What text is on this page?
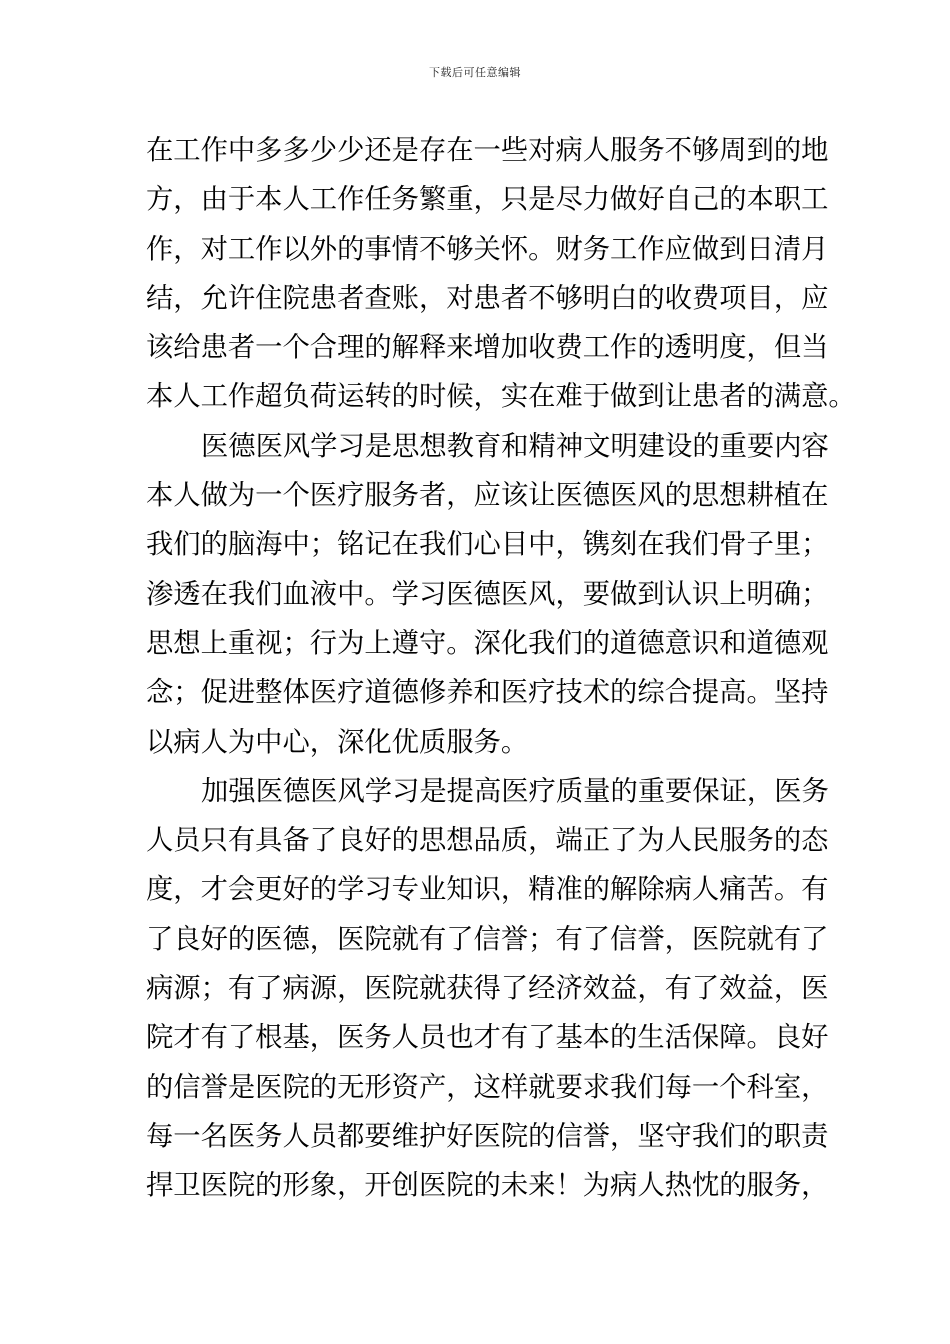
下载后可任意编辑
在工作中多多少少还是存在一些对病人服务不够周到的地
方，由于本人工作任务繁重，只是尽力做好自己的本职工
作，对工作以外的事情不够关怀。财务工作应做到日清月
结，允许住院患者查账，对患者不够明白的收费项目，应
该给患者一个合理的解释来增加收费工作的透明度，但当
本人工作超负荷运转的时候，实在难于做到让患者的满意。
医德医风学习是思想教育和精神文明建设的重要内容
本人做为一个医疗服务者，应该让医德医风的思想耕植在
我们的脑海中；铭记在我们心目中，镌刻在我们骨子里；
渗透在我们血液中。学习医德医风，要做到认识上明确；
思想上重视；行为上遵守。深化我们的道德意识和道德观
念；促进整体医疗道德修养和医疗技术的综合提高。坚持
以病人为中心，深化优质服务。
加强医德医风学习是提高医疗质量的重要保证，医务
人员只有具备了良好的思想品质，端正了为人民服务的态
度，才会更好的学习专业知识，精准的解除病人痛苦。有
了良好的医德，医院就有了信誉；有了信誉，医院就有了
病源；有了病源，医院就获得了经济效益，有了效益，医
院才有了根基，医务人员也才有了基本的生活保障。良好
的信誉是医院的无形资产，这样就要求我们每一个科室，
每一名医务人员都要维护好医院的信誉，坚守我们的职责
捍卫医院的形象，开创医院的未来！为病人热忱的服务，
